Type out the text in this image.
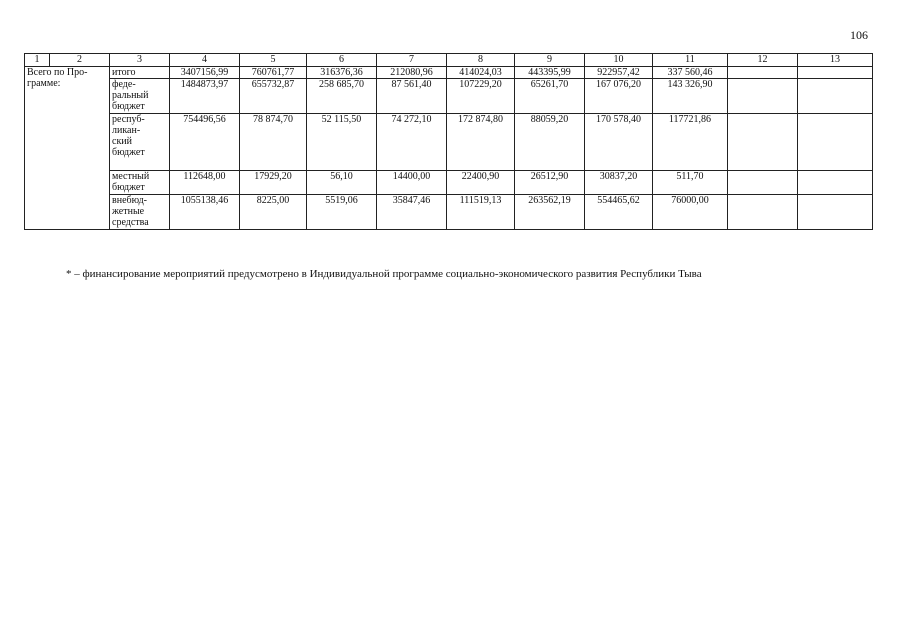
106
1	2	3	4	5	6	7	8	9	10	11	12	13
Всего по Про-
грамме:		итого	3407156,99	760761,77	316376,36	212080,96	414024,03	443395,99	922957,42	337 560,46		
		феде-
ральный
бюджет	1484873,97	655732,87	258 685,70	87 561,40	107229,20	65261,70	167 076,20	143 326,90		
		респуб-
ликан-
ский
бюджет	754496,56	78 874,70	52 115,50	74 272,10	172 874,80	88059,20	170 578,40	117721,86		
		местный
бюджет	112648,00	17929,20	56,10	14400,00	22400,90	26512,90	30837,20	511,70		
		внебюд-
жетные
средства	1055138,46	8225,00	5519,06	35847,46	111519,13	263562,19	554465,62	76000,00		
* – финансирование мероприятий предусмотрено в Индивидуальной программе социально-экономического развития Республики Тыва
